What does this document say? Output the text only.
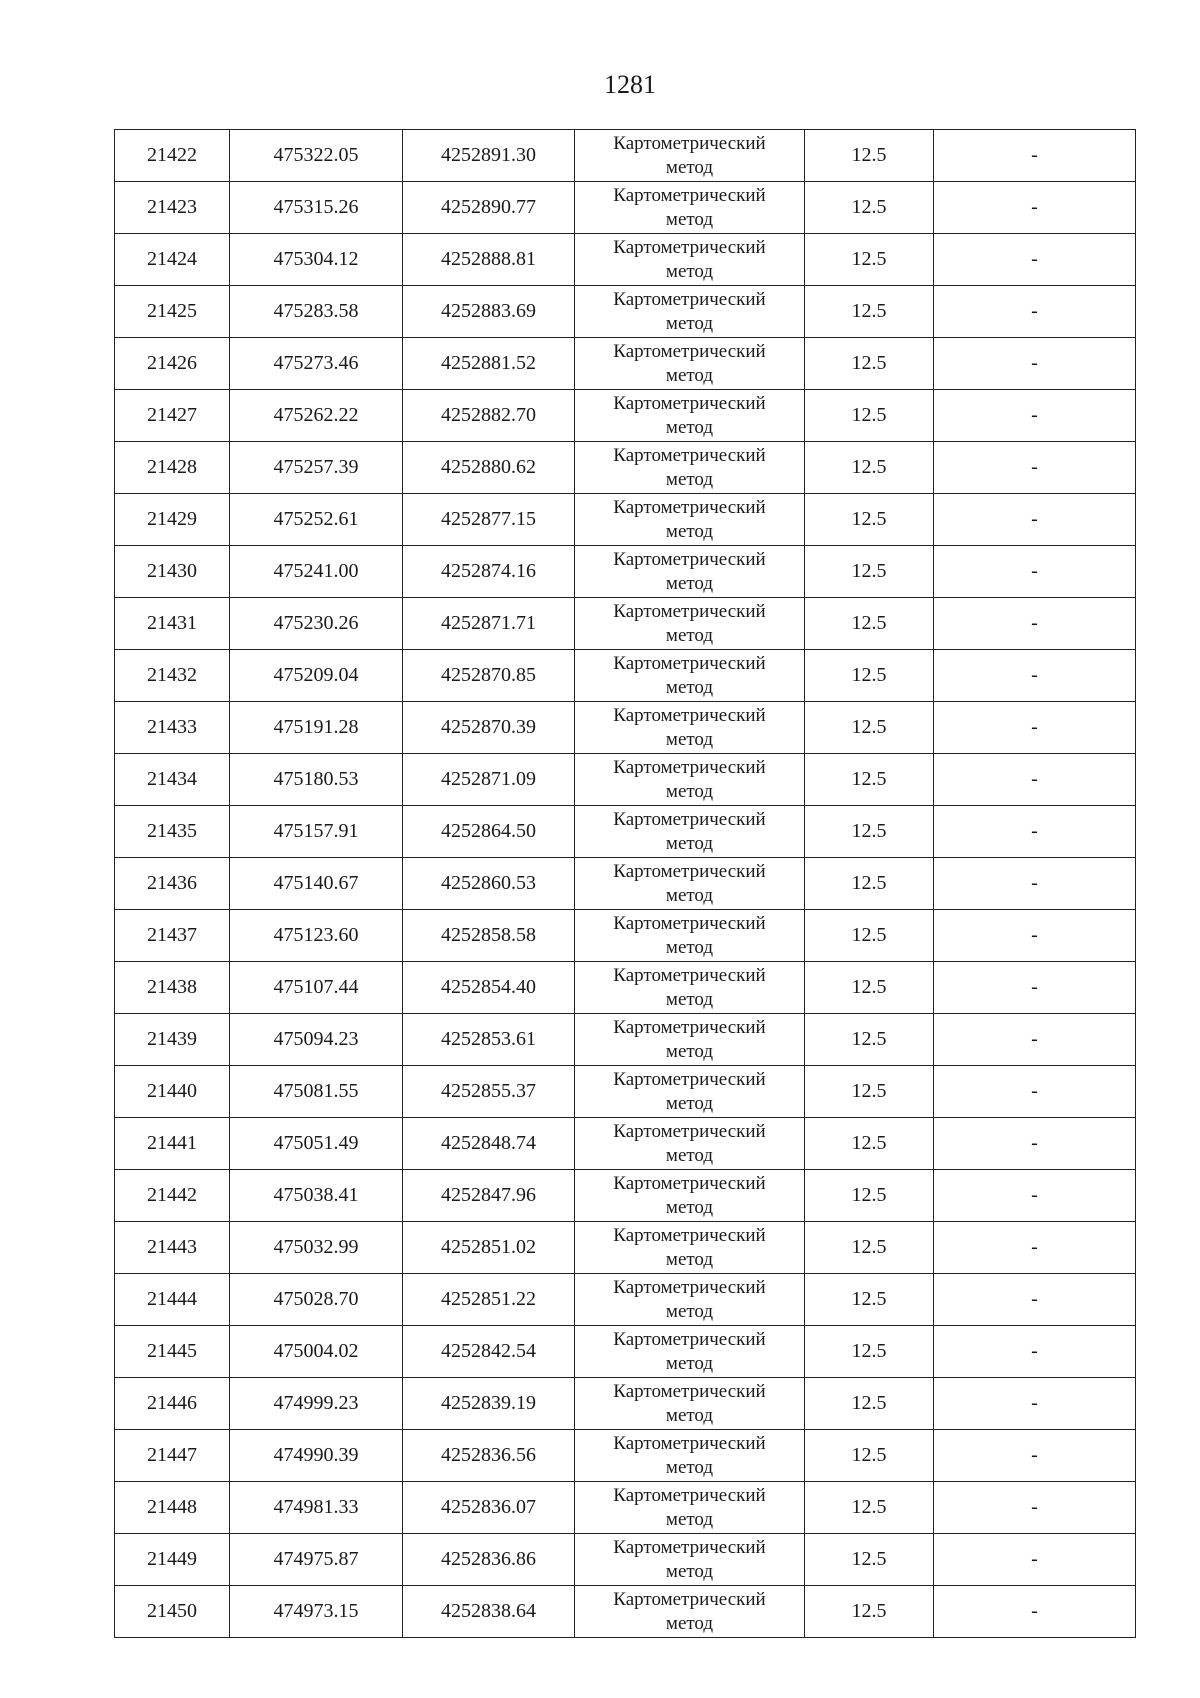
1281
21422	475322.05	4252891.30	Картометрический
метод	12.5	-
21423	475315.26	4252890.77	Картометрический
метод	12.5	-
21424	475304.12	4252888.81	Картометрический
метод	12.5	-
21425	475283.58	4252883.69	Картометрический
метод	12.5	-
21426	475273.46	4252881.52	Картометрический
метод	12.5	-
21427	475262.22	4252882.70	Картометрический
метод	12.5	-
21428	475257.39	4252880.62	Картометрический
метод	12.5	-
21429	475252.61	4252877.15	Картометрический
метод	12.5	-
21430	475241.00	4252874.16	Картометрический
метод	12.5	-
21431	475230.26	4252871.71	Картометрический
метод	12.5	-
21432	475209.04	4252870.85	Картометрический
метод	12.5	-
21433	475191.28	4252870.39	Картометрический
метод	12.5	-
21434	475180.53	4252871.09	Картометрический
метод	12.5	-
21435	475157.91	4252864.50	Картометрический
метод	12.5	-
21436	475140.67	4252860.53	Картометрический
метод	12.5	-
21437	475123.60	4252858.58	Картометрический
метод	12.5	-
21438	475107.44	4252854.40	Картометрический
метод	12.5	-
21439	475094.23	4252853.61	Картометрический
метод	12.5	-
21440	475081.55	4252855.37	Картометрический
метод	12.5	-
21441	475051.49	4252848.74	Картометрический
метод	12.5	-
21442	475038.41	4252847.96	Картометрический
метод	12.5	-
21443	475032.99	4252851.02	Картометрический
метод	12.5	-
21444	475028.70	4252851.22	Картометрический
метод	12.5	-
21445	475004.02	4252842.54	Картометрический
метод	12.5	-
21446	474999.23	4252839.19	Картометрический
метод	12.5	-
21447	474990.39	4252836.56	Картометрический
метод	12.5	-
21448	474981.33	4252836.07	Картометрический
метод	12.5	-
21449	474975.87	4252836.86	Картометрический
метод	12.5	-
21450	474973.15	4252838.64	Картометрический
метод	12.5	-
